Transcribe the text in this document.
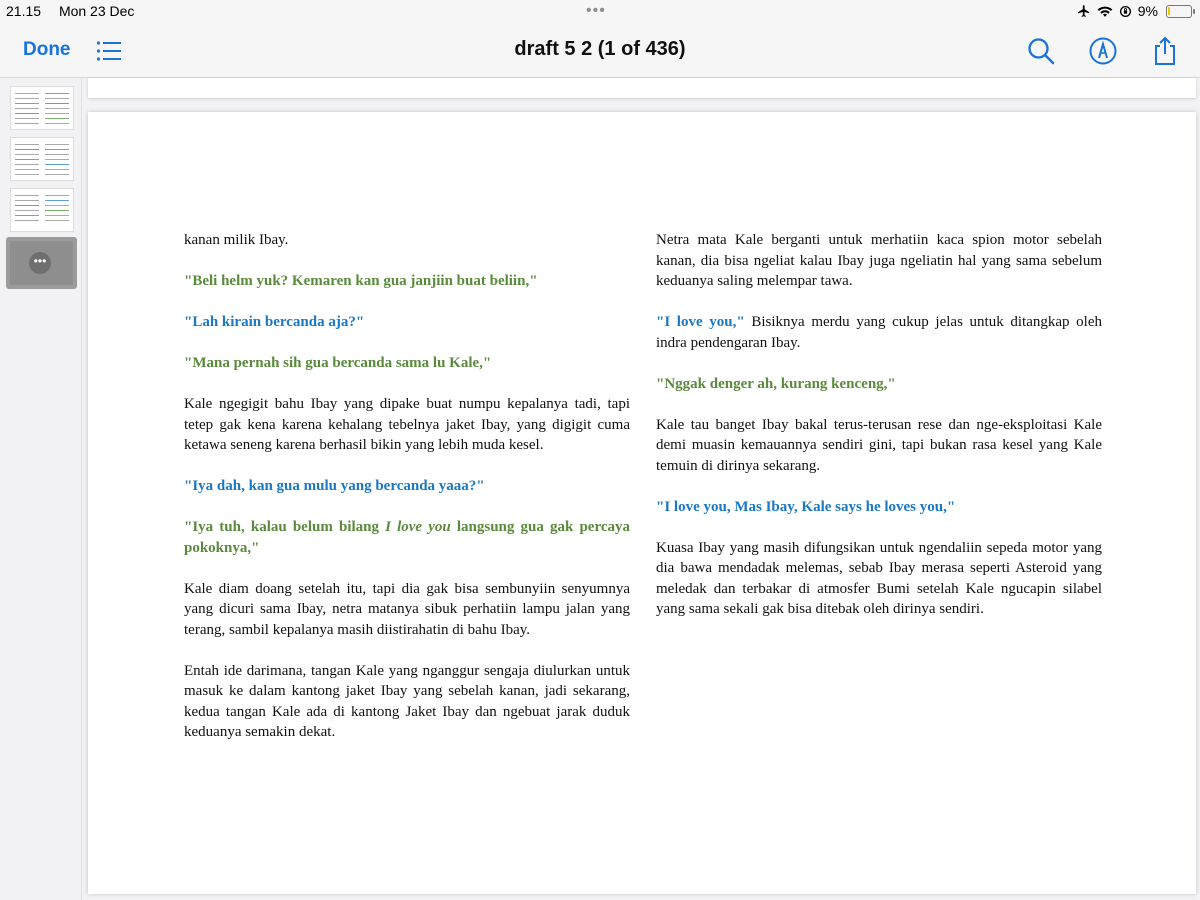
21.15 Mon 23 Dec	•••	9%
Done	draft 5 2 (1 of 436)
•••

kanan milik Ibay.

"Beli helm yuk? Kemaren kan gua janjiin buat beliin,"

"Lah kirain bercanda aja?"

"Mana pernah sih gua bercanda sama lu Kale,"

Kale ngegigit bahu Ibay yang dipake buat numpu kepalanya tadi, tapi tetep gak kena karena kehalang tebelnya jaket Ibay, yang digigit cuma ketawa seneng karena berhasil bikin yang lebih muda kesel.

"Iya dah, kan gua mulu yang bercanda yaaa?"

"Iya tuh, kalau belum bilang I love you langsung gua gak percaya pokoknya,"

Kale diam doang setelah itu, tapi dia gak bisa sembunyiin senyumnya yang dicuri sama Ibay, netra matanya sibuk perhatiin lampu jalan yang terang, sambil kepalanya masih diistirahatin di bahu Ibay.

Entah ide darimana, tangan Kale yang nganggur sengaja diulurkan untuk masuk ke dalam kantong jaket Ibay yang sebelah kanan, jadi sekarang, kedua tangan Kale ada di kantong Jaket Ibay dan ngebuat jarak duduk keduanya semakin dekat.

Netra mata Kale berganti untuk merhatiin kaca spion motor sebelah kanan, dia bisa ngeliat kalau Ibay juga ngeliatin hal yang sama sebelum keduanya saling melempar tawa.

"I love you," Bisiknya merdu yang cukup jelas untuk ditangkap oleh indra pendengaran Ibay.

"Nggak denger ah, kurang kenceng,"

Kale tau banget Ibay bakal terus-terusan rese dan nge-eksploitasi Kale demi muasin kemauannya sendiri gini, tapi bukan rasa kesel yang Kale temuin di dirinya sekarang.

"I love you, Mas Ibay, Kale says he loves you,"

Kuasa Ibay yang masih difungsikan untuk ngendaliin sepeda motor yang dia bawa mendadak melemas, sebab Ibay merasa seperti Asteroid yang meledak dan terbakar di atmosfer Bumi setelah Kale ngucapin silabel yang sama sekali gak bisa ditebak oleh dirinya sendiri.
